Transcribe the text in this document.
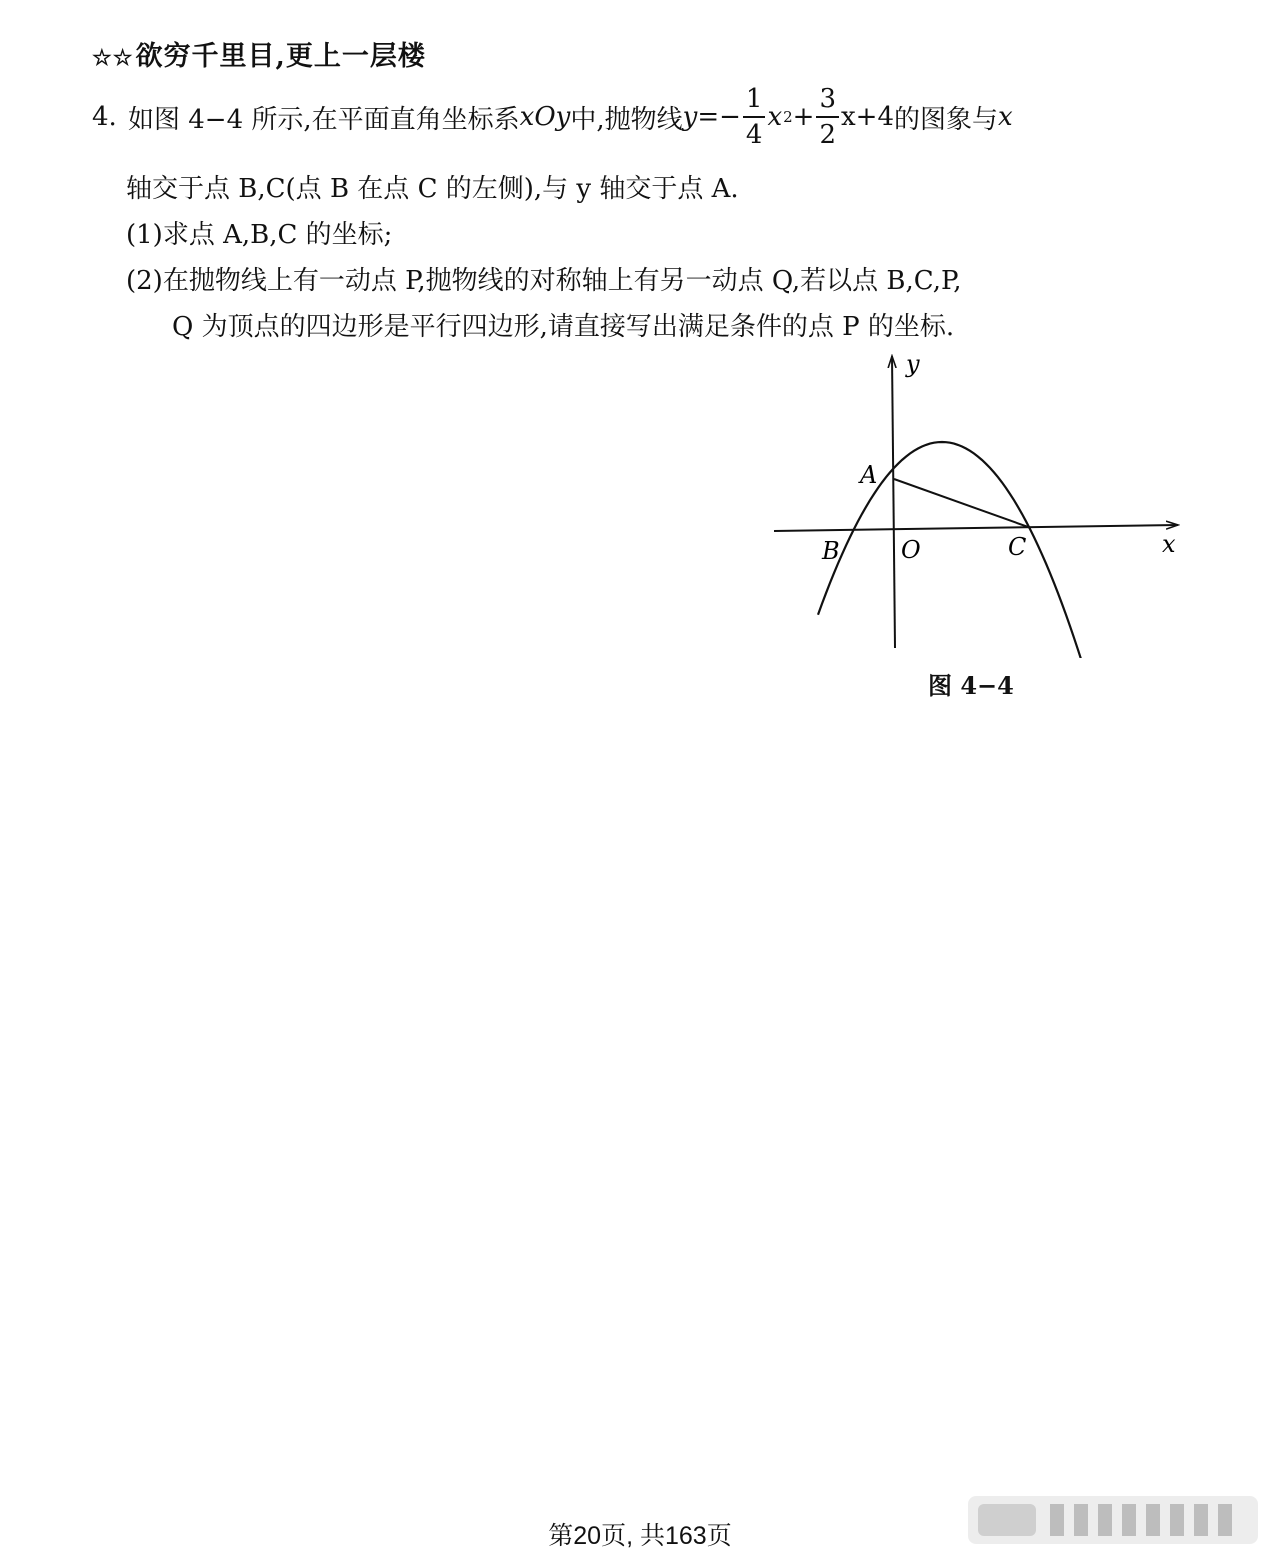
☆☆欲穷千里目,更上一层楼
4. 如图 4−4 所示,在平面直角坐标系 xOy 中,抛物线 $y =- \frac{1}{4}$ x $2 + \frac{3}{2} x+4$ 的图象与 x
轴交于点 B,C(点 B 在点 C 的左侧),与 y 轴交于点 A.
(1)求点 A,B,C 的坐标;
(2)在抛物线上有一动点 P,抛物线的对称轴上有另一动点 Q,若以点 B,C,P,
Q 为顶点的四边形是平行四边形,请直接写出满足条件的点 P 的坐标.
y
x
A
B	O	C
图 4−4
第20页, 共163页
